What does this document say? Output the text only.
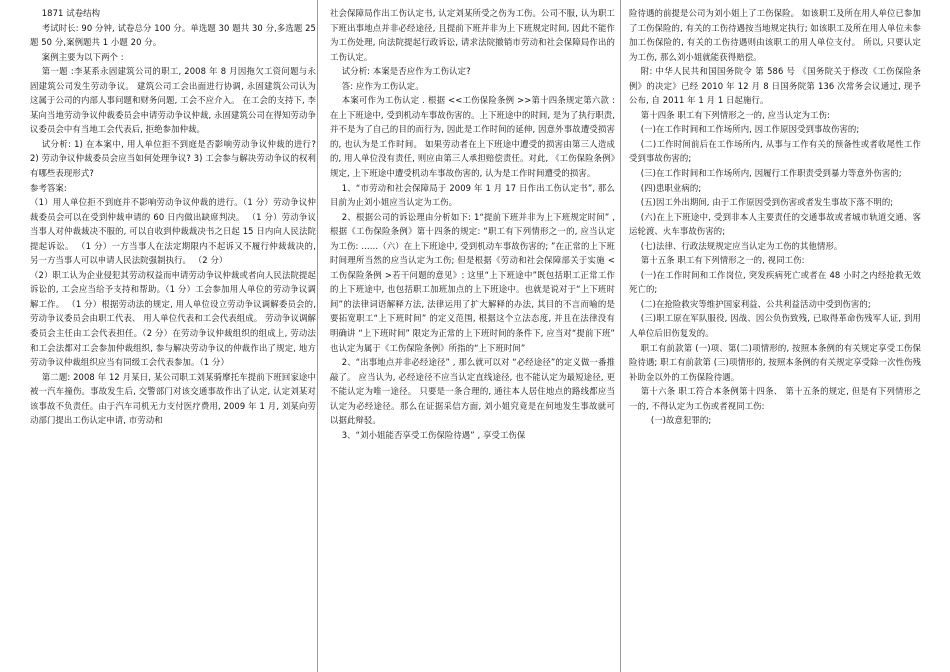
1871 试卷结构

考试时长: 90 分钟, 试卷总分 100 分。单选题 30 题共 30 分,多选题 25 题 50 分,案例题共 1 小题 20 分。

案例主要为以下两个 :

第一题 :李某系永固建筑公司的职工, 2008 年 8 月因拖欠工资问题与永固建筑公司发生劳动争议。 建筑公司工会出面进行协调, 永固建筑公司认为这属于公司的内部人事问题和财务问题, 工会不应介入。 在工会的支持下, 李某向当地劳动争议仲裁委员会申请劳动争议仲裁, 永固建筑公司在得知劳动争议委员会中有当地工会代表后, 拒绝参加仲裁。

试分析: 1) 在本案中, 用人单位拒不到庭是否影响劳动争议仲裁的进行? 2) 劳动争议仲裁委员会应当如何处理争议? 3) 工会参与解决劳动争议的权利有哪些表现形式?

参考答案:

（1）用人单位拒不到庭并不影响劳动争议仲裁的进行。（1 分）劳动争议仲裁委员会可以在受到仲裁申请的 60 日内做出缺席判决。 （1 分）劳动争议当事人对仲裁裁决不服的, 可以自收到仲裁裁决书之日起 15 日内向人民法院提起诉讼。 （1 分）一方当事人在法定期限内不起诉又不履行仲裁裁决的, 另一方当事人可以申请人民法院强制执行。 （2 分）

（2）职工认为企业侵犯其劳动权益而申请劳动争议仲裁或者向人民法院提起诉讼的, 工会应当给予支持和帮助。（1 分）工会参加用人单位的劳动争议调解工作。 （1 分）根据劳动法的规定, 用人单位设立劳动争议调解委员会的, 劳动争议委员会由职工代表、 用人单位代表和工会代表组成。 劳动争议调解委员会主任由工会代表担任。（2 分）在劳动争议仲裁组织的组成上, 劳动法和工会法都对工会参加仲裁组织, 参与解决劳动争议的仲裁作出了规定, 地方劳动争议仲裁组织应当有同级工会代表参加。（1 分）

第二题: 2008 年 12 月某日, 某公司职工刘某骑摩托车提前下班回家途中被一汽车撞伤。事故发生后, 交警部门对该交通事故作出了认定, 认定刘某对该事故不负责任。由于汽车司机无力支付医疗费用, 2009 年 1 月, 刘某向劳动部门提出工伤认定申请, 市劳动和

社会保障局作出工伤认定书, 认定刘某所受之伤为工伤。公司不服, 认为职工下班出事地点并非必经途径, 且提前下班并非为上下班规定时间, 因此不能作为工伤处理, 向法院提起行政诉讼, 请求法院撤销市劳动和社会保障局作出的工伤认定。

试分析: 本案是否应作为工伤认定?

答: 应作为工伤认定。

本案可作为工伤认定 . 根据 <<工伤保险条例 >>第十四条规定第六款 :在上下班途中, 受到机动车事故伤害的。上下班途中的时间, 是为了执行职责, 并不是为了自己的目的而行为, 因此是工作时间的延伸, 因意外事故遭受损害的, 也认为是工作时间。 如果劳动者在上下班途中遭受的损害由第三人造成的, 用人单位没有责任, 则应由第三人承担赔偿责任。对此, 《工伤保险条例》规定, 上下班途中遭受机动车事故伤害的, 认为是工作时间遭受的损害。

1、“市劳动和社会保障局于 2009 年 1 月 17 日作出工伤认定书”, 那么目前为止刘小姐应当认定为工伤。

2、根据公司的诉讼理由分析如下: 1“提前下班并非为上下班规定时间” , 根据《工伤保险条例》第十四条的规定: “职工有下列情形之一的, 应当认定为工伤: ……（六）在上下班途中, 受到机动车事故伤害的; ”在正常的上下班时间理所当然的应当认定为工伤; 但是根据《劳动和社会保障部关于实施 <工伤保险条例 >若干问题的意见》: 这里“上下班途中”既包括职工正常工作的上下班途中, 也包括职工加班加点的上下班途中。也就是说对于“上下班时间”的法律词语解释方法, 法律运用了扩大解释的办法, 其目的不言而喻的是要拓宽职工“上下班时间” 的定义范围, 根据这个立法态度, 并且在法律没有明确讲 “上下班时间” 限定为正常的上下班时间的条件下, 应当对“提前下班” 也认定为属于《工伤保险条例》所指的“上下班时间”

2、“出事地点并非必经途径” , 那么就可以对 “必经途径”的定义做一番推敲了。 应当认为, 必经途径不应当认定直线途径, 也不能认定为最短途径, 更不能认定为唯一途径。 只要是一条合理的, 通往本人居住地点的路线都应当认定为必经途径。那么在证据采信方面, 刘小姐究竟是在何地发生事故就可以据此辩驳。

3、“刘小姐能否享受工伤保险待遇” , 享受工伤保

险待遇的前提是公司为刘小姐上了工伤保险。 如该职工及所在用人单位已参加了工伤保险的, 有关的工伤待遇按当地规定执行; 如该职工及所在用人单位未参加工伤保险的, 有关的工伤待遇则由该职工的用人单位支付。 所以, 只要认定为工伤, 那么刘小姐就能获得赔偿。

附: 中华人民共和国国务院令 第 586 号 《国务院关于修改《工伤保险条例》的决定》已经 2010 年 12 月 8 日国务院第 136 次常务会议通过, 现予公布, 自 2011 年 1 月 1 日起施行。

第十四条 职工有下列情形之一的, 应当认定为工伤:

(一)在工作时间和工作场所内, 因工作原因受到事故伤害的;

(二)工作时间前后在工作场所内, 从事与工作有关的预备性或者收尾性工作受到事故伤害的;

(三)在工作时间和工作场所内, 因履行工作职责受到暴力等意外伤害的;

(四)患职业病的;

(五)因工外出期间, 由于工作原因受到伤害或者发生事故下落不明的;

(六)在上下班途中, 受到非本人主要责任的交通事故或者城市轨道交通、客运轮渡、火车事故伤害的;

(七)法律、行政法规规定应当认定为工伤的其他情形。

第十五条 职工有下列情形之一的, 视同工伤:

(一)在工作时间和工作岗位, 突发疾病死亡或者在 48 小时之内经抢救无效死亡的;

(二)在抢险救灾等维护国家利益、公共利益活动中受到伤害的;

(三)职工原在军队服役, 因战、因公负伤致残, 已取得革命伤残军人证, 到用人单位后旧伤复发的。

职工有前款第 (一)项、第(二)项情形的, 按照本条例的有关规定享受工伤保险待遇; 职工有前款第 (三)项情形的, 按照本条例的有关规定享受除一次性伤残补助金以外的工伤保险待遇。

第十六条 职工符合本条例第十四条、 第十五条的规定, 但是有下列情形之一的, 不得认定为工伤或者视同工伤:

(一)故意犯罪的;
